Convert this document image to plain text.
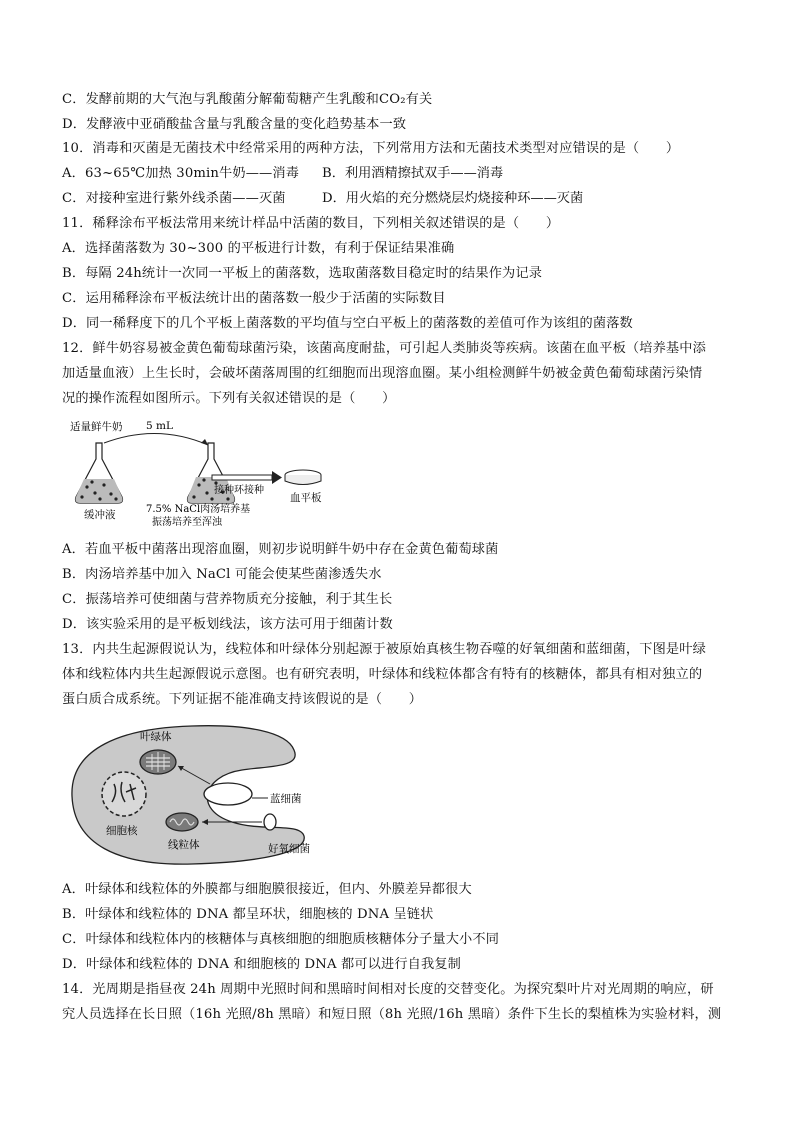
C．发酵前期的大气泡与乳酸菌分解葡萄糖产生乳酸和CO₂有关
D．发酵液中亚硝酸盐含量与乳酸含量的变化趋势基本一致
10．消毒和灭菌是无菌技术中经常采用的两种方法，下列常用方法和无菌技术类型对应错误的是（　　）
A．63~65℃加热 30min牛奶——消毒 B．利用酒精擦拭双手——消毒
C．对接种室进行紫外线杀菌——灭菌	D．用火焰的充分燃烧层灼烧接种环——灭菌
11．稀释涂布平板法常用来统计样品中活菌的数目，下列相关叙述错误的是（　　）
A．选择菌落数为 30~300 的平板进行计数，有利于保证结果准确
B．每隔 24h统计一次同一平板上的菌落数，选取菌落数目稳定时的结果作为记录
C．运用稀释涂布平板法统计出的菌落数一般少于活菌的实际数目
D．同一稀释度下的几个平板上菌落数的平均值与空白平板上的菌落数的差值可作为该组的菌落数
12．鲜牛奶容易被金黄色葡萄球菌污染，该菌高度耐盐，可引起人类肺炎等疾病。该菌在血平板（培养基中添
加适量血液）上生长时，会破坏菌落周围的红细胞而出现溶血圈。某小组检测鲜牛奶被金黄色葡萄球菌污染情
况的操作流程如图所示。下列有关叙述错误的是（　　）
适量鲜牛奶 5 mL
缓冲液	7.5% NaCl肉汤培养基
振荡培养至浑浊
接种环接种
血平板
A．若血平板中菌落出现溶血圈，则初步说明鲜牛奶中存在金黄色葡萄球菌
B．肉汤培养基中加入 NaCl 可能会使某些菌渗透失水
C．振荡培养可使细菌与营养物质充分接触，利于其生长
D．该实验采用的是平板划线法，该方法可用于细菌计数
13．内共生起源假说认为，线粒体和叶绿体分别起源于被原始真核生物吞噬的好氧细菌和蓝细菌，下图是叶绿
体和线粒体内共生起源假说示意图。也有研究表明，叶绿体和线粒体都含有特有的核糖体，都具有相对独立的
蛋白质合成系统。下列证据不能准确支持该假说的是（　　）
细胞核
叶绿体
线粒体
蓝细菌
好氧细菌
A．叶绿体和线粒体的外膜都与细胞膜很接近，但内、外膜差异都很大
B．叶绿体和线粒体的 DNA 都呈环状，细胞核的 DNA 呈链状
C．叶绿体和线粒体内的核糖体与真核细胞的细胞质核糖体分子量大小不同
D．叶绿体和线粒体的 DNA 和细胞核的 DNA 都可以进行自我复制
14．光周期是指昼夜 24h 周期中光照时间和黑暗时间相对长度的交替变化。为探究梨叶片对光周期的响应，研
究人员选择在长日照（16h 光照/8h 黑暗）和短日照（8h 光照/16h 黑暗）条件下生长的梨植株为实验材料，测
